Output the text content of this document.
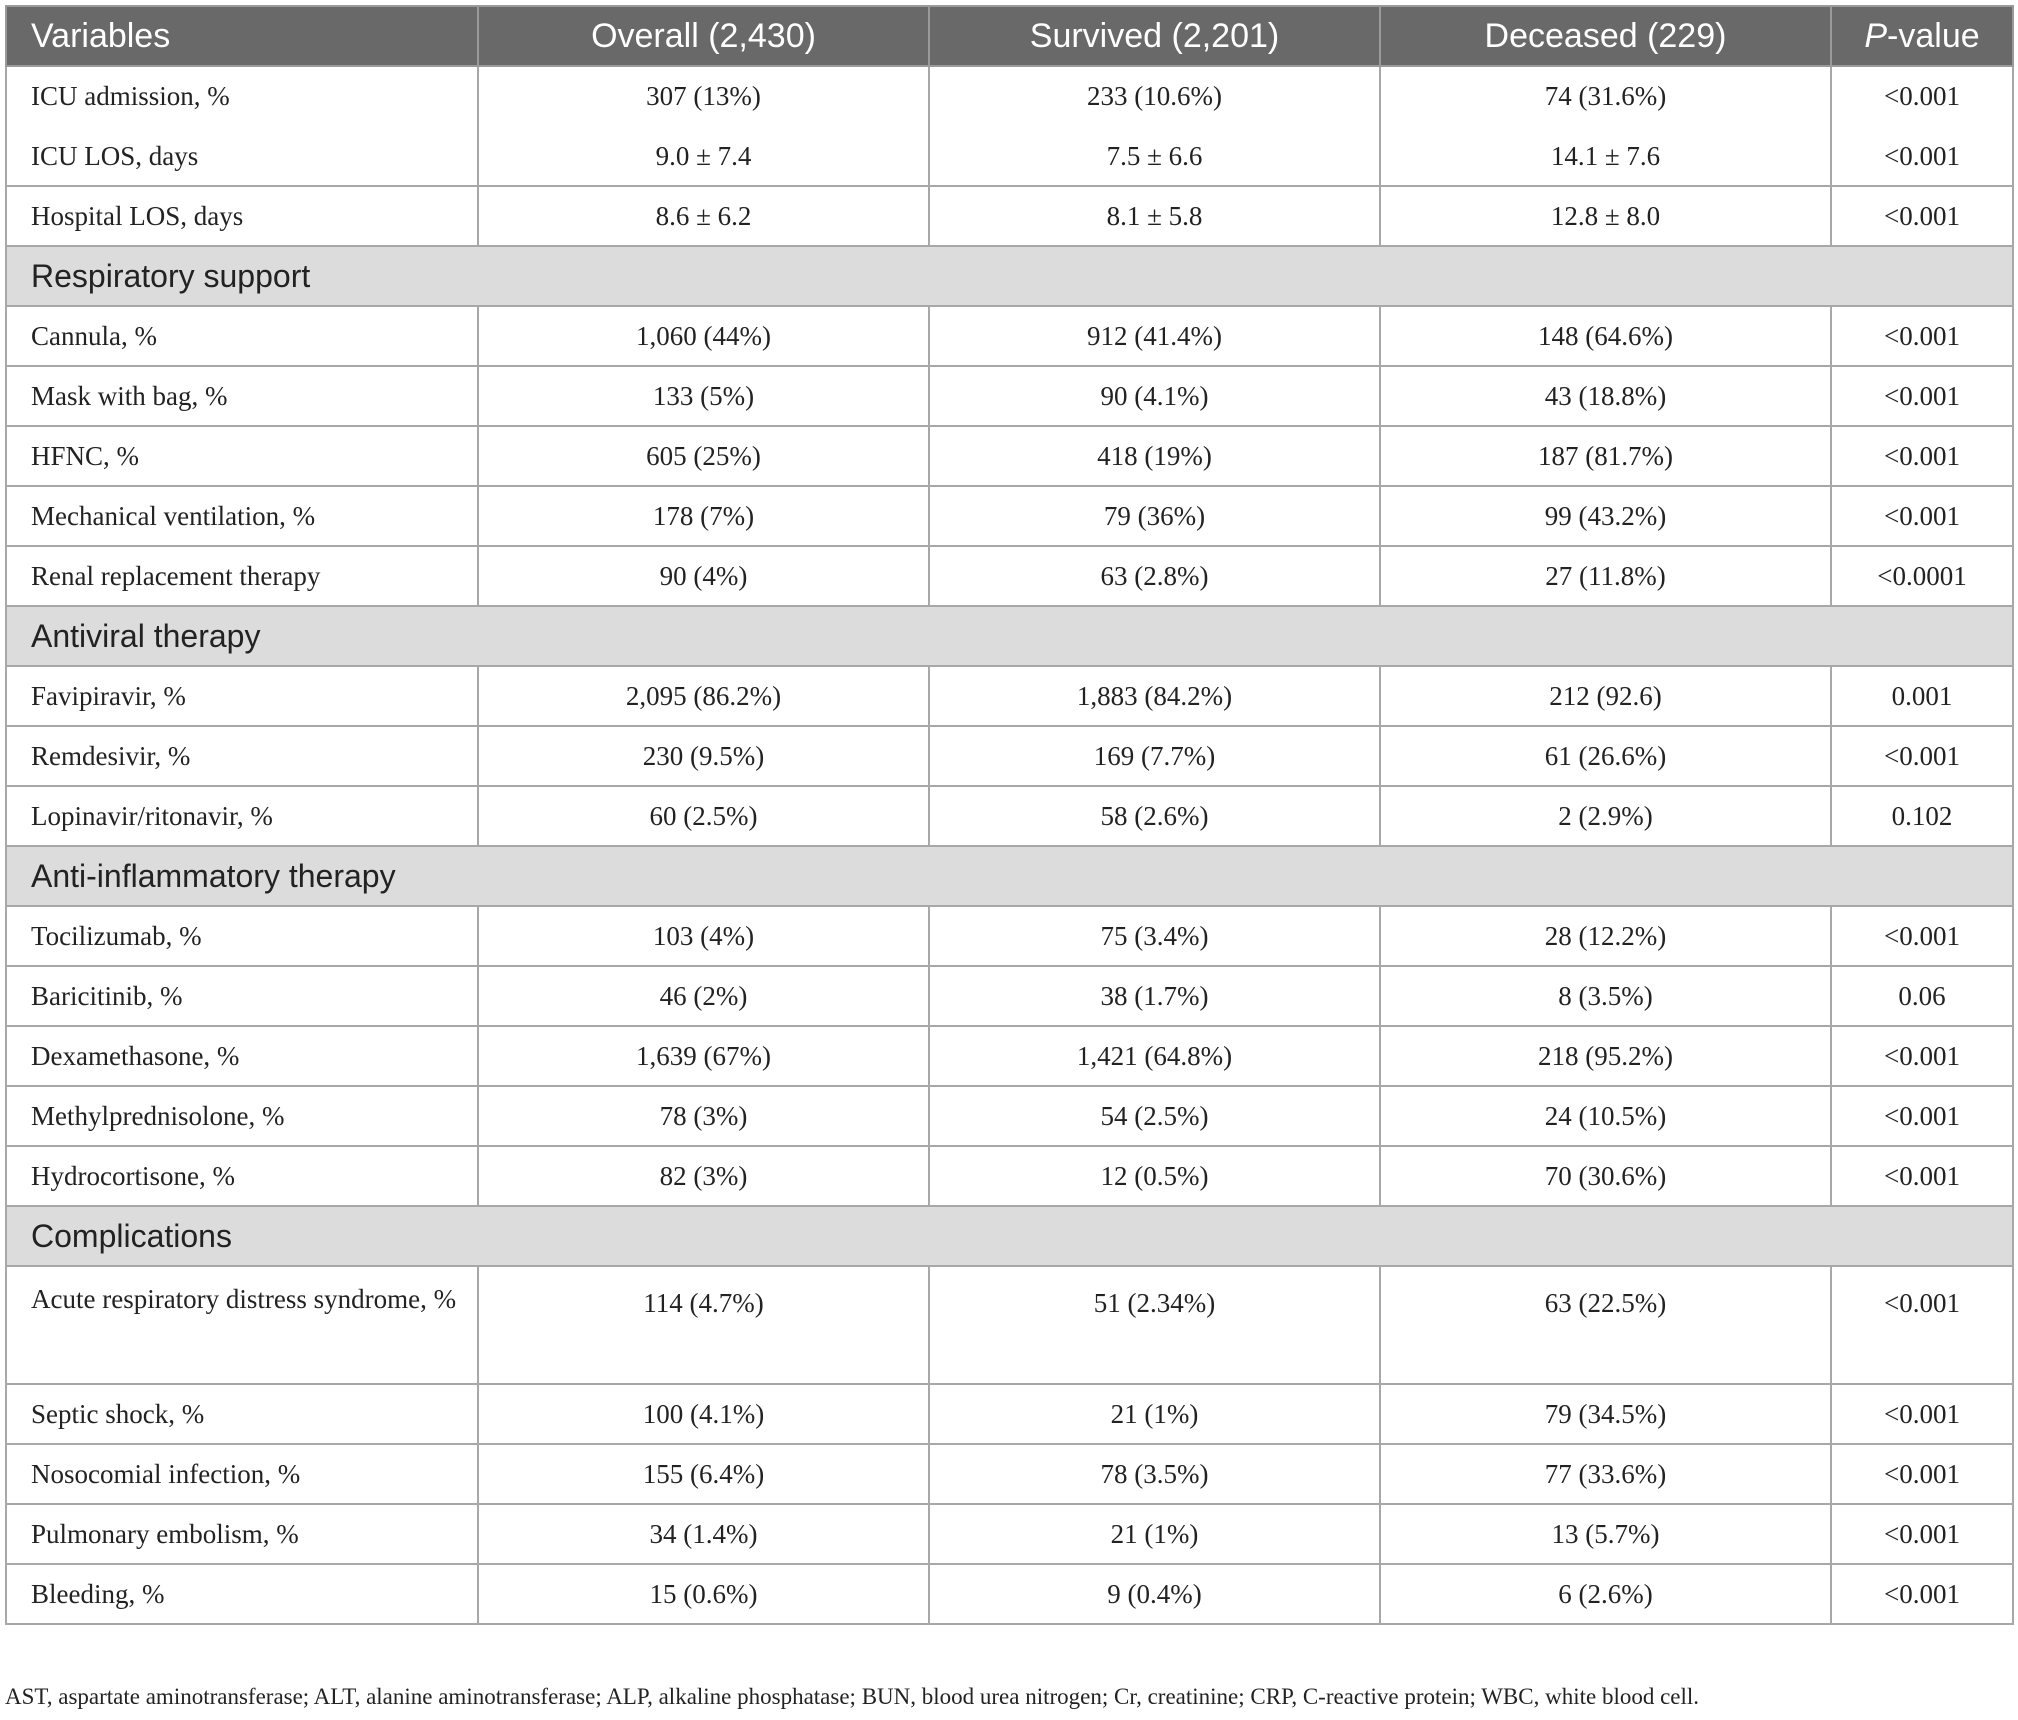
Variables	Overall (2,430)	Survived (2,201)	Deceased (229)	P-value
ICU admission, %	307 (13%)	233 (10.6%)	74 (31.6%)	<0.001
ICU LOS, days	9.0 ± 7.4	7.5 ± 6.6	14.1 ± 7.6	<0.001
Hospital LOS, days	8.6 ± 6.2	8.1 ± 5.8	12.8 ± 8.0	<0.001
Respiratory support				
Cannula, %	1,060 (44%)	912 (41.4%)	148 (64.6%)	<0.001
Mask with bag, %	133 (5%)	90 (4.1%)	43 (18.8%)	<0.001
HFNC, %	605 (25%)	418 (19%)	187 (81.7%)	<0.001
Mechanical ventilation, %	178 (7%)	79 (36%)	99 (43.2%)	<0.001
Renal replacement therapy	90 (4%)	63 (2.8%)	27 (11.8%)	<0.0001
Antiviral therapy				
Favipiravir, %	2,095 (86.2%)	1,883 (84.2%)	212 (92.6)	0.001
Remdesivir, %	230 (9.5%)	169 (7.7%)	61 (26.6%)	<0.001
Lopinavir/ritonavir, %	60 (2.5%)	58 (2.6%)	2 (2.9%)	0.102
Anti-inflammatory therapy				
Tocilizumab, %	103 (4%)	75 (3.4%)	28 (12.2%)	<0.001
Baricitinib, %	46 (2%)	38 (1.7%)	8 (3.5%)	0.06
Dexamethasone, %	1,639 (67%)	1,421 (64.8%)	218 (95.2%)	<0.001
Methylprednisolone, %	78 (3%)	54 (2.5%)	24 (10.5%)	<0.001
Hydrocortisone, %	82 (3%)	12 (0.5%)	70 (30.6%)	<0.001
Complications				
Acute respiratory distress syndrome, %	114 (4.7%)	51 (2.34%)	63 (22.5%)	<0.001
Septic shock, %	100 (4.1%)	21 (1%)	79 (34.5%)	<0.001
Nosocomial infection, %	155 (6.4%)	78 (3.5%)	77 (33.6%)	<0.001
Pulmonary embolism, %	34 (1.4%)	21 (1%)	13 (5.7%)	<0.001
Bleeding, %	15 (0.6%)	9 (0.4%)	6 (2.6%)	<0.001
AST, aspartate aminotransferase; ALT, alanine aminotransferase; ALP, alkaline phosphatase; BUN, blood urea nitrogen; Cr, creatinine; CRP, C-reactive protein; WBC, white blood cell.
